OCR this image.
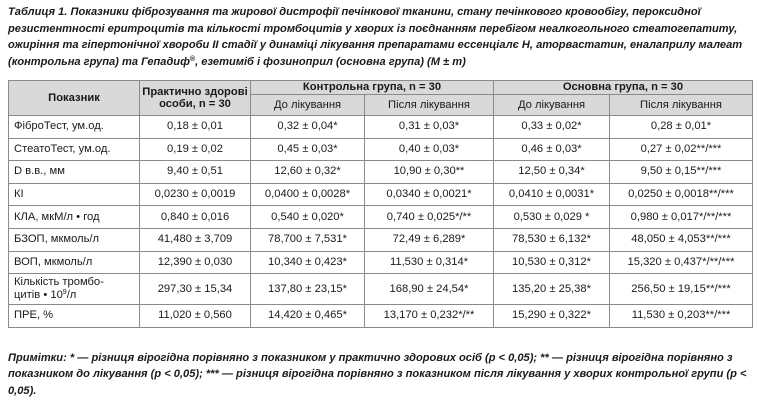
Таблиця 1. Показники фіброзування та жирової дистрофії печінкової тканини, стану печінкового кровообігу, пероксидної резистентності еритроцитів та кількості тромбоцитів у хворих із поєднанням перебігом неалкогольного стеатогепатиту, ожиріння та гіпертонічної хвороби II стадії у динаміці лікування препаратами ессенціалє Н, аторвастатин, еналаприлу малеат (контрольна група) та Гепадиф®, езетиміб і фозиноприл (основна група) (M ± m)
Показник	Практично здорові особи, n = 30	Контрольна група, n = 30		Основна група, n = 30	
		До лікування	Після лікування	До лікування	Після лікування
ФіброТест, ум.од.	0,18 ± 0,01	0,32 ± 0,04*	0,31 ± 0,03*	0,33 ± 0,02*	0,28 ± 0,01*
СтеатоТест, ум.од.	0,19 ± 0,02	0,45 ± 0,03*	0,40 ± 0,03*	0,46 ± 0,03*	0,27 ± 0,02**/***
D в.в., мм	9,40 ± 0,51	12,60 ± 0,32*	10,90 ± 0,30**	12,50 ± 0,34*	9,50 ± 0,15**/***
КІ	0,0230 ± 0,0019	0,0400 ± 0,0028*	0,0340 ± 0,0021*	0,0410 ± 0,0031*	0,0250 ± 0,0018**/***
КЛА, мкМ/л • год	0,840 ± 0,016	0,540 ± 0,020*	0,740 ± 0,025*/**	0,530 ± 0,029 *	0,980 ± 0,017*/**/***
БЗОП, мкмоль/л	41,480 ± 3,709	78,700 ± 7,531*	72,49 ± 6,289*	78,530 ± 6,132*	48,050 ± 4,053**/***
ВОП, мкмоль/л	12,390 ± 0,030	10,340 ± 0,423*	11,530 ± 0,314*	10,530 ± 0,312*	15,320 ± 0,437*/**/***
Кількість тромбо-
цитів • $10^9/л$	297,30 ± 15,34	137,80 ± 23,15*	168,90 ± 24,54*	135,20 ± 25,38*	256,50 ± 19,15**/***
ПРЕ, %	11,020 ± 0,560	14,420 ± 0,465*	13,170 ± 0,232*/**	15,290 ± 0,322*	11,530 ± 0,203**/***
Примітки: * — різниця вірогідна порівняно з показником у практично здорових осіб (р < 0,05); ** — різниця вірогідна порівняно з показником до лікування (р < 0,05); *** — різниця вірогідна порівняно з показником після лікування у хворих контрольної групи (р < 0,05).
